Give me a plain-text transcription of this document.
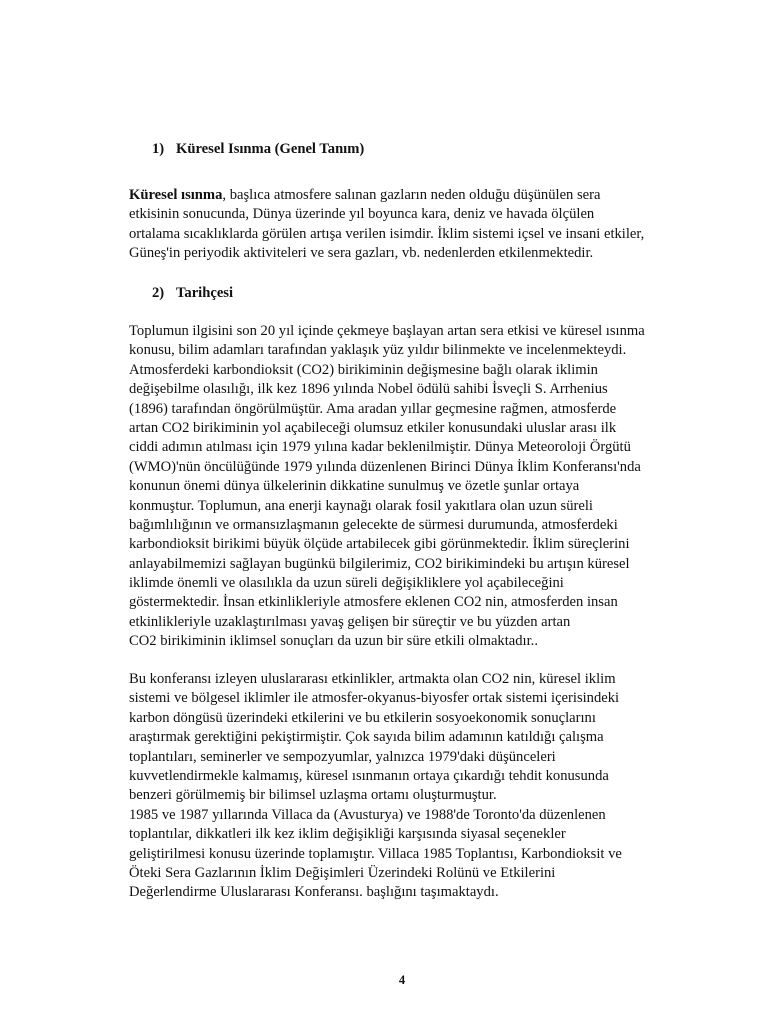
1) Küresel Isınma (Genel Tanım)
Küresel ısınma, başlıca atmosfere salınan gazların neden olduğu düşünülen sera
etkisinin sonucunda, Dünya üzerinde yıl boyunca kara, deniz ve havada ölçülen
ortalama sıcaklıklarda görülen artışa verilen isimdir. İklim sistemi içsel ve insani etkiler,
Güneş'in periyodik aktiviteleri ve sera gazları, vb. nedenlerden etkilenmektedir.
2) Tarihçesi
Toplumun ilgisini son 20 yıl içinde çekmeye başlayan artan sera etkisi ve küresel ısınma
konusu, bilim adamları tarafından yaklaşık yüz yıldır bilinmekte ve incelenmekteydi.
Atmosferdeki karbondioksit (CO2) birikiminin değişmesine bağlı olarak iklimin
değişebilme olasılığı, ilk kez 1896 yılında Nobel ödülü sahibi İsveçli S. Arrhenius
(1896) tarafından öngörülmüştür. Ama aradan yıllar geçmesine rağmen, atmosferde
artan CO2 birikiminin yol açabileceği olumsuz etkiler konusundaki uluslar arası ilk
ciddi adımın atılması için 1979 yılına kadar beklenilmiştir. Dünya Meteoroloji Örgütü
(WMO)'nün öncülüğünde 1979 yılında düzenlenen Birinci Dünya İklim Konferansı'nda
konunun önemi dünya ülkelerinin dikkatine sunulmuş ve özetle şunlar ortaya
konmuştur. Toplumun, ana enerji kaynağı olarak fosil yakıtlara olan uzun süreli
bağımlılığının ve ormansızlaşmanın gelecekte de sürmesi durumunda, atmosferdeki
karbondioksit birikimi büyük ölçüde artabilecek gibi görünmektedir. İklim süreçlerini
anlayabilmemizi sağlayan bugünkü bilgilerimiz, CO2 birikimindeki bu artışın küresel
iklimde önemli ve olasılıkla da uzun süreli değişikliklere yol açabileceğini
göstermektedir. İnsan etkinlikleriyle atmosfere eklenen CO2 nin, atmosferden insan
etkinlikleriyle uzaklaştırılması yavaş gelişen bir süreçtir ve bu yüzden artan
CO2 birikiminin iklimsel sonuçları da uzun bir süre etkili olmaktadır..
Bu konferansı izleyen uluslararası etkinlikler, artmakta olan CO2 nin, küresel iklim
sistemi ve bölgesel iklimler ile atmosfer-okyanus-biyosfer ortak sistemi içerisindeki
karbon döngüsü üzerindeki etkilerini ve bu etkilerin sosyoekonomik sonuçlarını
araştırmak gerektiğini pekiştirmiştir. Çok sayıda bilim adamının katıldığı çalışma
toplantıları, seminerler ve sempozyumlar, yalnızca 1979'daki düşünceleri
kuvvetlendirmekle kalmamış, küresel ısınmanın ortaya çıkardığı tehdit konusunda
benzeri görülmemiş bir bilimsel uzlaşma ortamı oluşturmuştur.
1985 ve 1987 yıllarında Villaca da (Avusturya) ve 1988'de Toronto'da düzenlenen
toplantılar, dikkatleri ilk kez iklim değişikliği karşısında siyasal seçenekler
geliştirilmesi konusu üzerinde toplamıştır. Villaca 1985 Toplantısı, Karbondioksit ve
Öteki Sera Gazlarının İklim Değişimleri Üzerindeki Rolünü ve Etkilerini
Değerlendirme Uluslararası Konferansı. başlığını taşımaktaydı.
4
